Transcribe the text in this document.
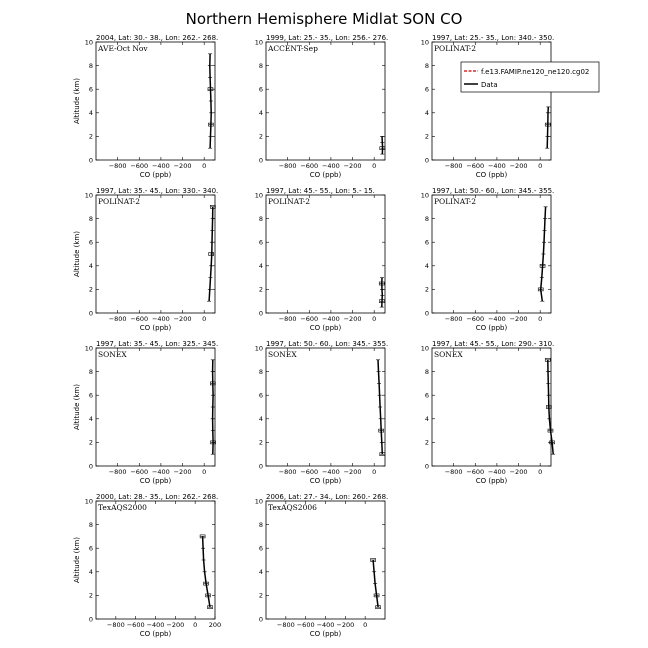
Northern Hemisphere Midlat SON CO
2004, Lat: 30.- 38., Lon: 262.- 268.
AVE-Oct Nov
0
2
4
6
8
10
−800 −600 −400 −200 0
CO (ppb)
Altitude (km)
1999, Lat: 25.- 35., Lon: 256.- 276.
ACCENT-Sep
0
2
4
6
8
10
−800 −600 −400 −200 0
CO (ppb)
1997, Lat: 25.- 35., Lon: 340.- 350.
POLINAT-2
0
2
4
6
8
10
−800 −600 −400 −200 0
CO (ppb)
1997, Lat: 35.- 45., Lon: 330.- 340.
POLINAT-2
0
2
4
6
8
10
−800 −600 −400 −200 0
CO (ppb)
Altitude (km)
1997, Lat: 45.- 55., Lon: 5.- 15.
POLINAT-2
0
2
4
6
8
10
−800 −600 −400 −200 0
CO (ppb)
1997, Lat: 50.- 60., Lon: 345.- 355.
POLINAT-2
0
2
4
6
8
10
−800 −600 −400 −200 0
CO (ppb)
1997, Lat: 35.- 45., Lon: 325.- 345.
SONEX
0
2
4
6
8
10
−800 −600 −400 −200 0
CO (ppb)
Altitude (km)
1997, Lat: 50.- 60., Lon: 345.- 355.
SONEX
0
2
4
6
8
10
−800 −600 −400 −200 0
CO (ppb)
1997, Lat: 45.- 55., Lon: 290.- 310.
SONEX
0
2
4
6
8
10
−800 −600 −400 −200 0
CO (ppb)
2000, Lat: 28.- 35., Lon: 262.- 268.
TexAQS2000
0
2
4
6
8
10
−800 −600 −400 −200 0 200
CO (ppb)
Altitude (km)
2006, Lat: 27.- 34., Lon: 260.- 268.
TexAQS2006
0
2
4
6
8
10
−800 −600 −400 −200 0
CO (ppb)
f.e13.FAMIP.ne120_ne120.cg02
Data
